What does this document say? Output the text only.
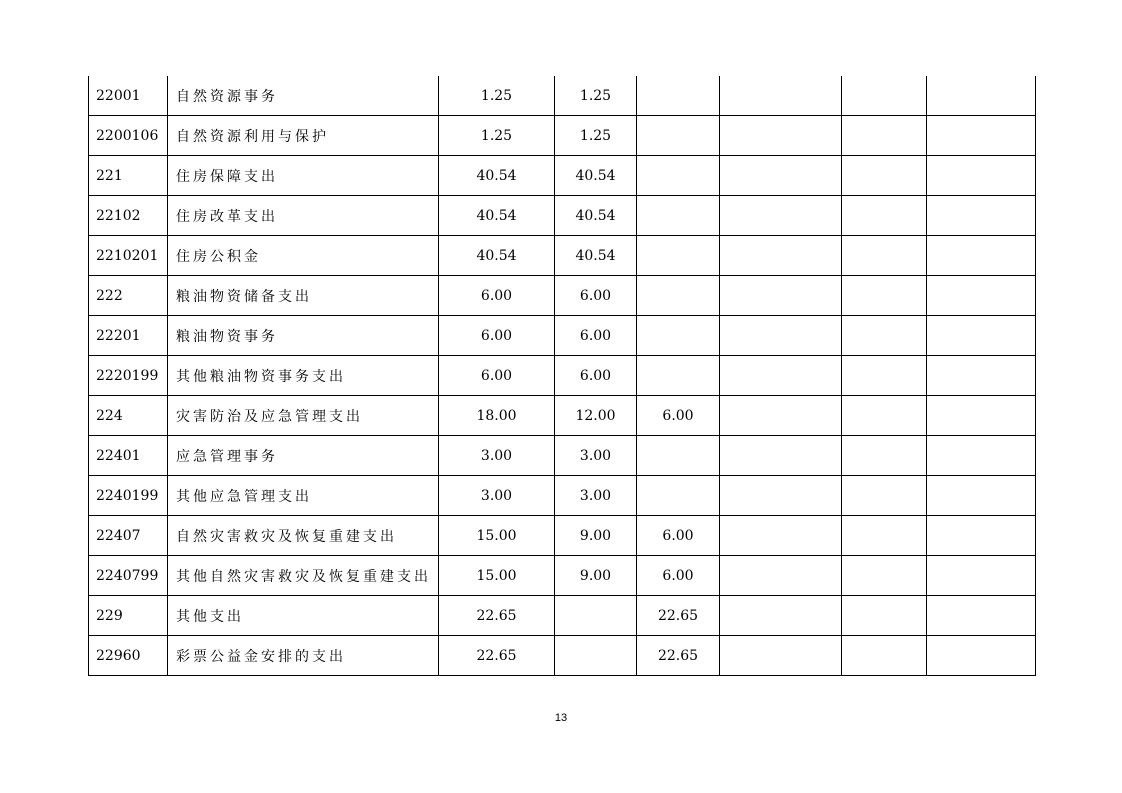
22001	自然资源事务	1.25	1.25				
2200106	自然资源利用与保护	1.25	1.25				
221	住房保障支出	40.54	40.54				
22102	住房改革支出	40.54	40.54				
2210201	住房公积金	40.54	40.54				
222	粮油物资储备支出	6.00	6.00				
22201	粮油物资事务	6.00	6.00				
2220199	其他粮油物资事务支出	6.00	6.00				
224	灾害防治及应急管理支出	18.00	12.00	6.00			
22401	应急管理事务	3.00	3.00				
2240199	其他应急管理支出	3.00	3.00				
22407	自然灾害救灾及恢复重建支出	15.00	9.00	6.00			
2240799	其他自然灾害救灾及恢复重建支出	15.00	9.00	6.00			
229	其他支出	22.65		22.65			
22960	彩票公益金安排的支出	22.65		22.65			
13
